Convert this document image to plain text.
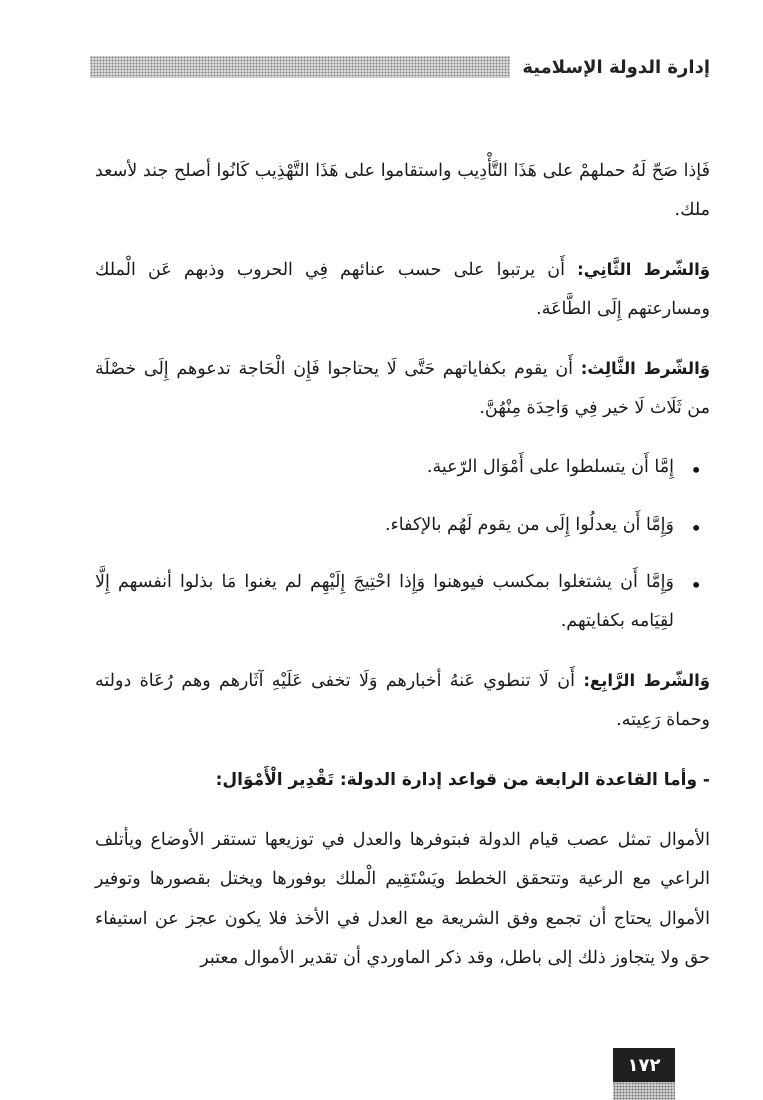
إدارة الدولة الإسلامية

فَإذا صَحّ لَهُ حملهمْ على هَذَا التَّأْدِيب واستقاموا على هَذَا التَّهْذِيب كَانُوا أصلح جند لأسعد ملك.

وَالشّرط الثَّانِي: أَن يرتبوا على حسب عنائهم فِي الحروب وذبهم عَن الْملك ومسارعتهم إِلَى الطَّاعَة.

وَالشّرط الثَّالِث: أَن يقوم بكفاياتهم حَتَّى لَا يحتاجوا فَإِن الْحَاجة تدعوهم إِلَى خصْلَة من ثَلَاث لَا خير فِي وَاحِدَة مِنْهُنَّ.

• إِمَّا أَن يتسلطوا على أَمْوَال الرّعية.
• وَإِمَّا أَن يعدلُوا إِلَى من يقوم لَهُم بالإكفاء.
• وَإِمَّا أَن يشتغلوا بمكسب فيوهنوا وَإِذا احْتِيجَ إِلَيْهِم لم يغنوا مَا بذلوا أنفسهم إِلَّا لقِيَامه بكفايتهم.

وَالشّرط الرَّابِع: أَن لَا تنطوي عَنهُ أخبارهم وَلَا تخفى عَلَيْهِ آثَارهم وهم رُعَاة دولته وحماة رَعِيته.

- وأما القاعدة الرابعة من قواعد إدارة الدولة: تَقْدِير الْأَمْوَال:

الأموال تمثل عصب قيام الدولة فبتوفرها والعدل في توزيعها تستقر الأوضاع ويأتلف الراعي مع الرعية وتتحقق الخطط ويَسْتَقِيم الْملك بوفورها ويختل بقصورها وتوفير الأموال يحتاج أن تجمع وفق الشريعة مع العدل في الأخذ فلا يكون عجز عن استيفاء حق ولا يتجاوز ذلك إلى باطل، وقد ذكر الماوردي أن تقدير الأموال معتبر

١٧٢
